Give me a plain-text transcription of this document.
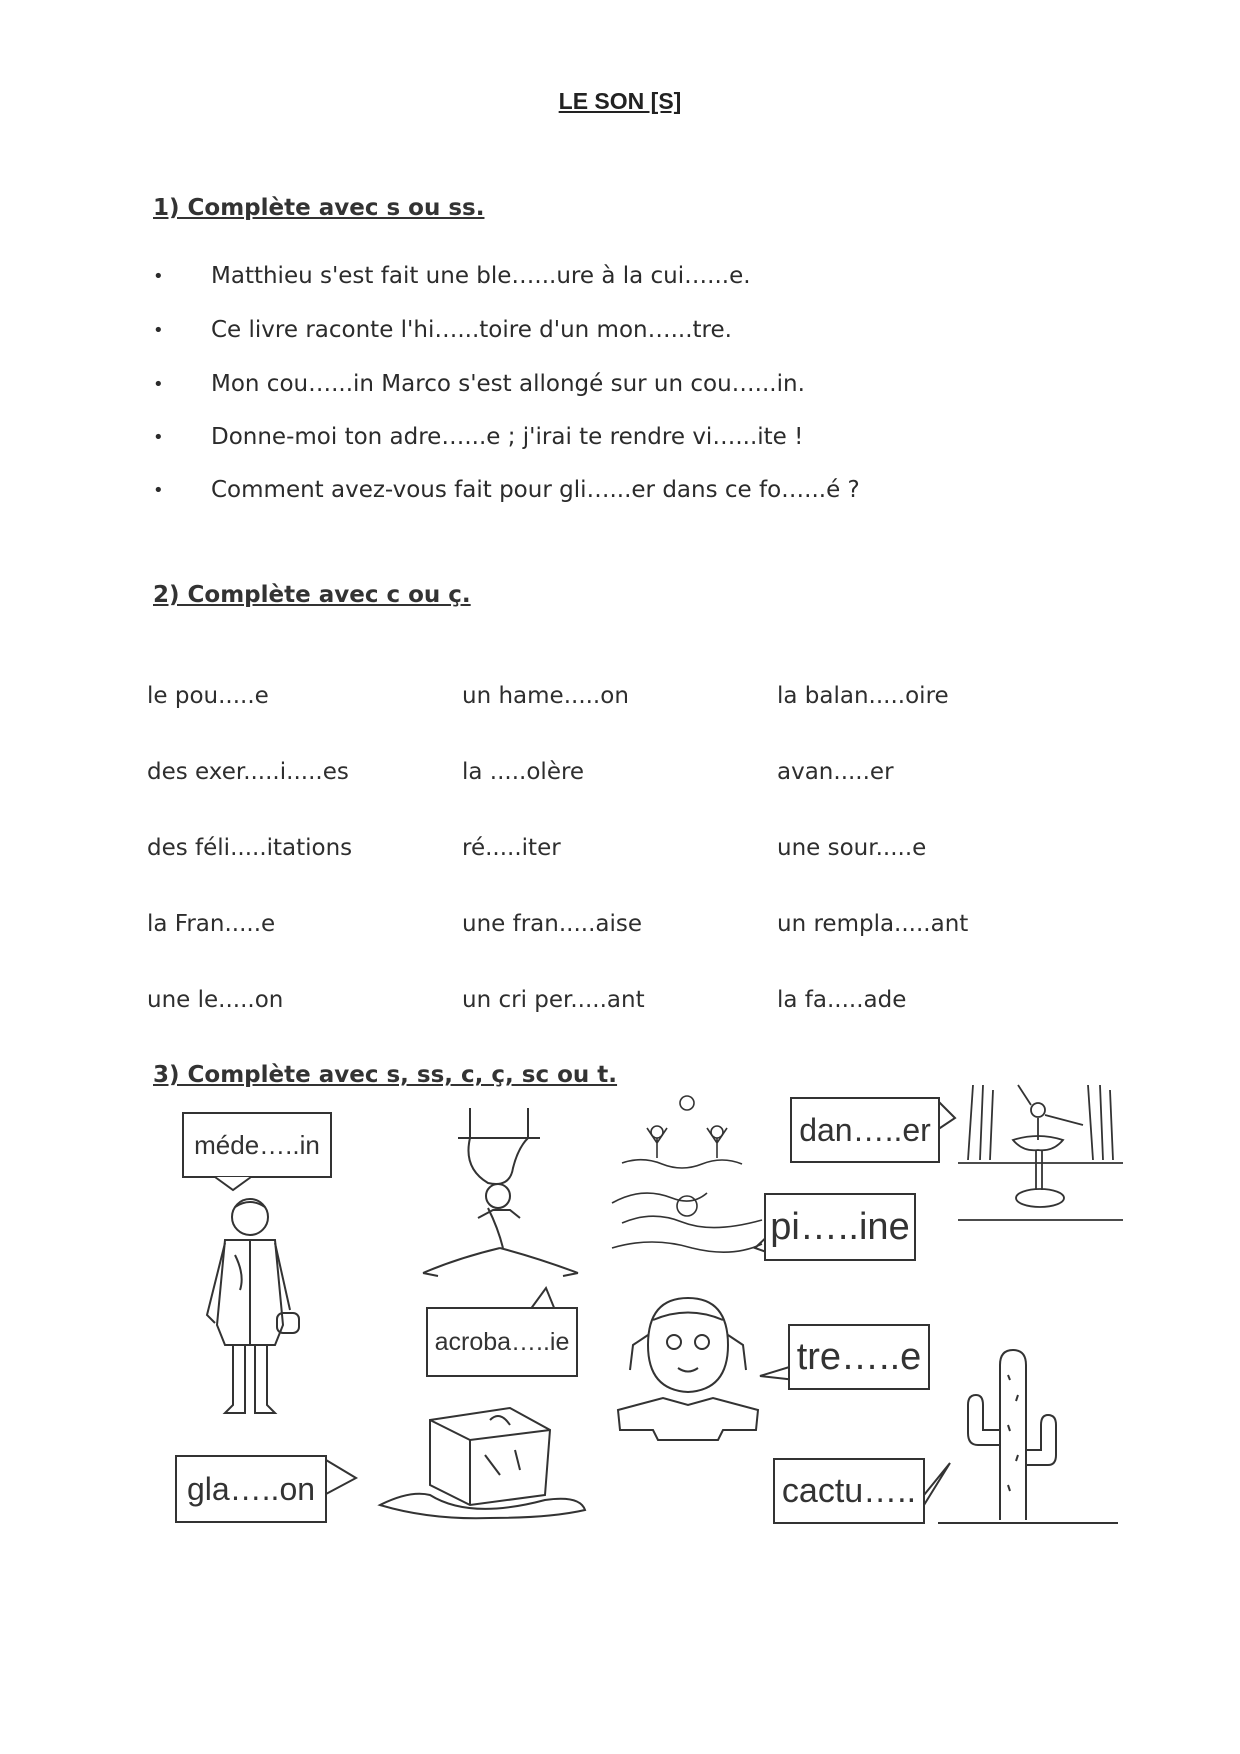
LE SON [S]
1) Complète avec s ou ss.
•	Matthieu s'est fait une ble…...ure à la cui…...e.
•	Ce livre raconte l'hi…...toire d'un mon…...tre.
•	Mon cou…...in Marco s'est allongé sur un cou…...in.
•	Donne-moi ton adre…...e ; j'irai te rendre vi…...ite !
•	Comment avez-vous fait pour gli…...er dans ce fo…...é ?
2) Complète avec c ou ç.
le pou.....e	un hame.....on	la balan.....oire
des exer.....i.....es	la .....olère	avan.....er
des féli.....itations	ré.....iter	une sour.....e
la Fran.....e	une fran.....aise	un rempla.....ant
une le.....on	un cri per.....ant	la fa.....ade
3) Complète avec s, ss, c, ç, sc ou t.
méde…..in
acroba…..ie
gla…..on
dan…..er
pi…..ine
tre…..e
cactu…..
